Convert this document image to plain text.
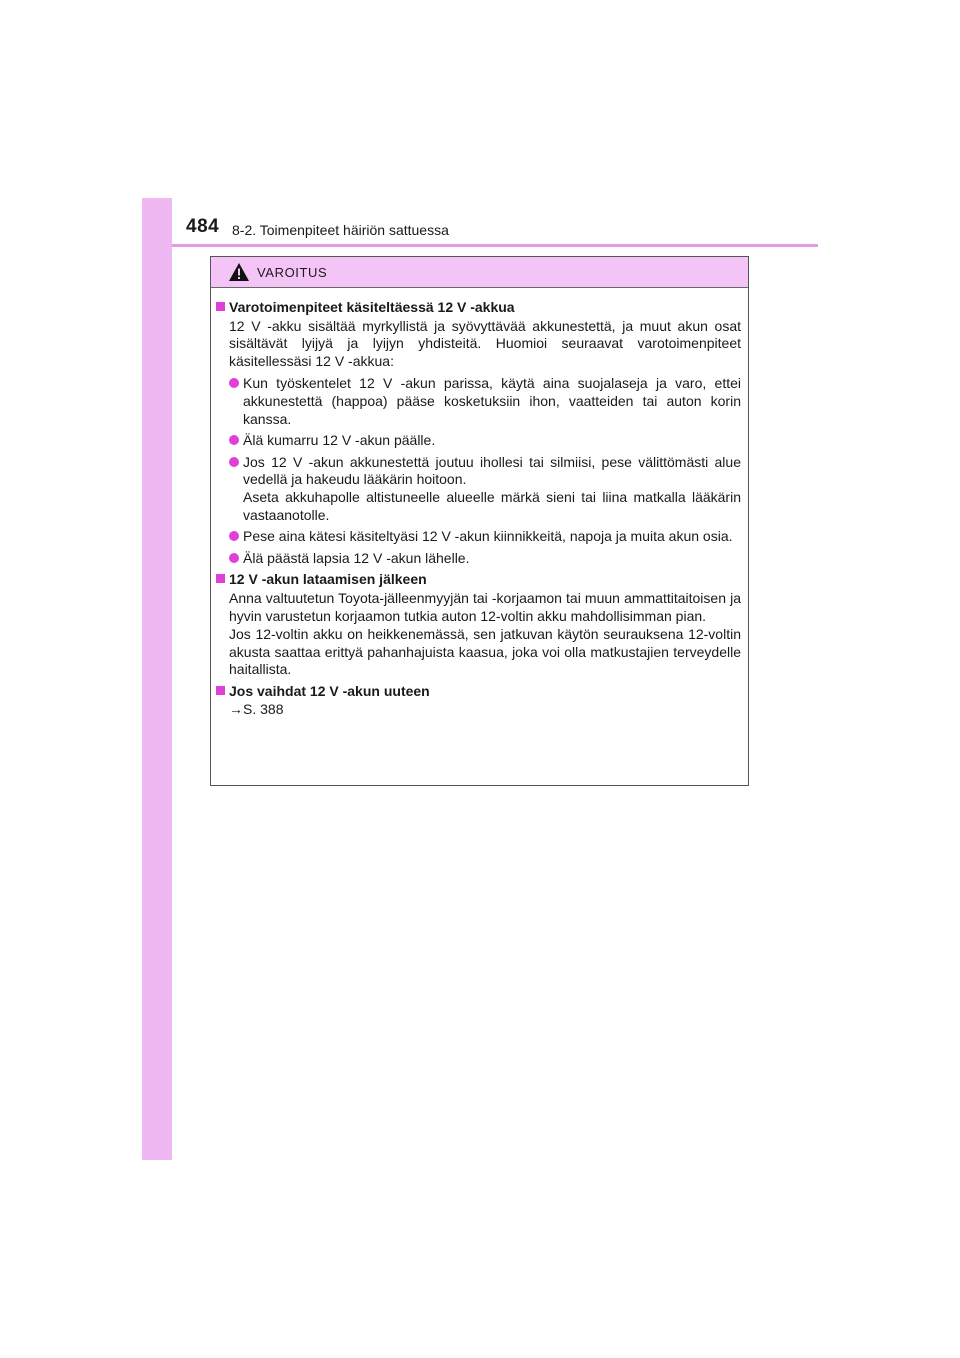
484 8-2. Toimenpiteet häiriön sattuessa
VAROITUS
Varotoimenpiteet käsiteltäessä 12 V -akkua
12 V -akku sisältää myrkyllistä ja syövyttävää akkunestettä, ja muut akun osat sisältävät lyijyä ja lyijyn yhdisteitä. Huomioi seuraavat varotoimenpiteet käsitellessäsi 12 V -akkua:
Kun työskentelet 12 V -akun parissa, käytä aina suojalaseja ja varo, ettei akkunestettä (happoa) pääse kosketuksiin ihon, vaatteiden tai auton korin kanssa.
Älä kumarru 12 V -akun päälle.
Jos 12 V -akun akkunestettä joutuu ihollesi tai silmiisi, pese välittömästi alue vedellä ja hakeudu lääkärin hoitoon.
Aseta akkuhapolle altistuneelle alueelle märkä sieni tai liina matkalla lääkärin vastaanotolle.
Pese aina kätesi käsiteltyäsi 12 V -akun kiinnikkeitä, napoja ja muita akun osia.
Älä päästä lapsia 12 V -akun lähelle.
12 V -akun lataamisen jälkeen
Anna valtuutetun Toyota-jälleenmyyjän tai -korjaamon tai muun ammattitaitoisen ja hyvin varustetun korjaamon tutkia auton 12-voltin akku mahdollisimman pian.
Jos 12-voltin akku on heikkenemässä, sen jatkuvan käytön seurauksena 12-voltin akusta saattaa erittyä pahanhajuista kaasua, joka voi olla matkustajien terveydelle haitallista.
Jos vaihdat 12 V -akun uuteen
→S. 388
